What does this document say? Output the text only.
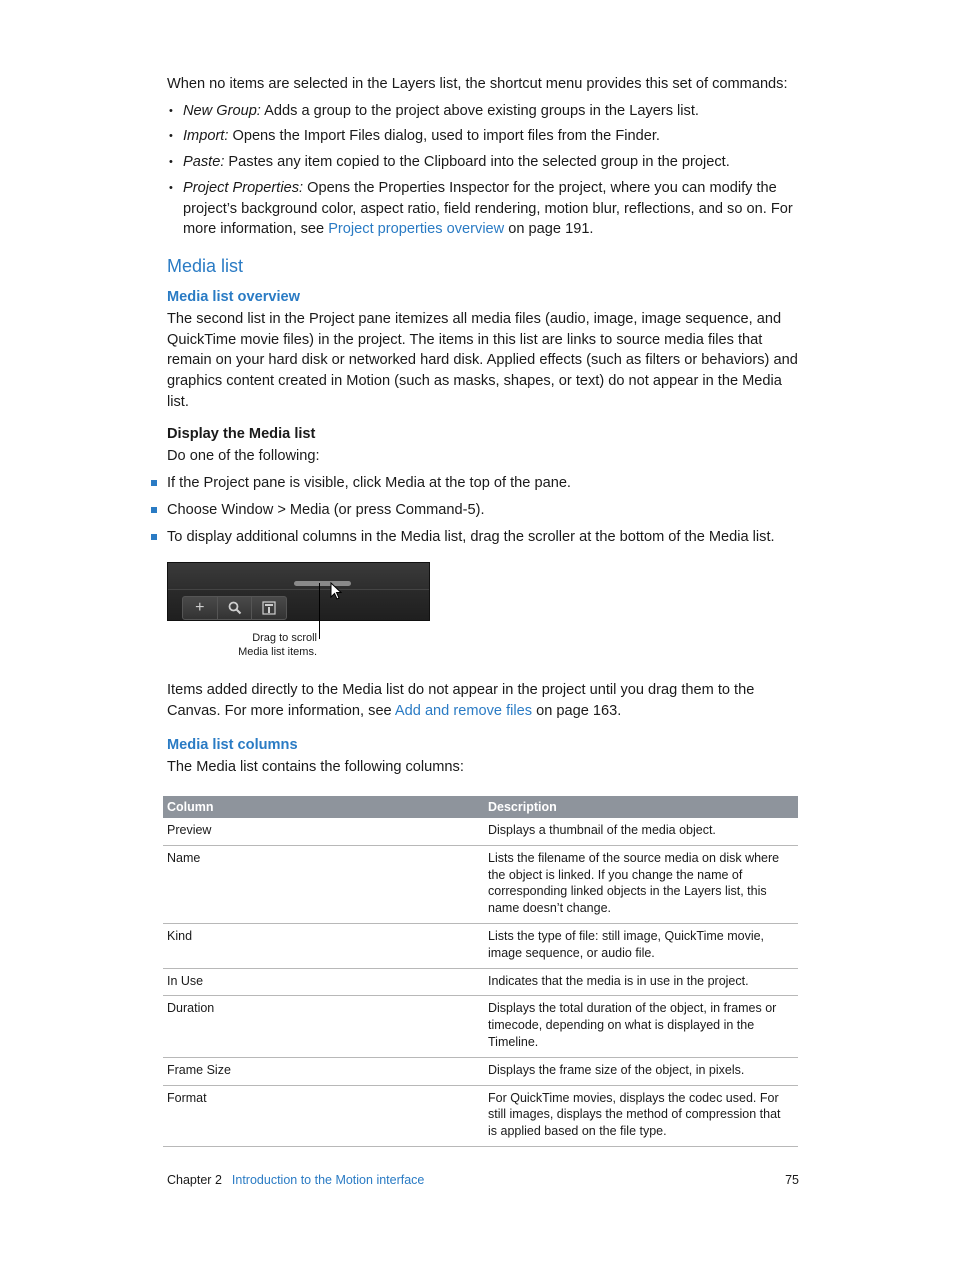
When no items are selected in the Layers list, the shortcut menu provides this set of commands:

• New Group: Adds a group to the project above existing groups in the Layers list.
• Import: Opens the Import Files dialog, used to import files from the Finder.
• Paste: Pastes any item copied to the Clipboard into the selected group in the project.
• Project Properties: Opens the Properties Inspector for the project, where you can modify the project’s background color, aspect ratio, field rendering, motion blur, reflections, and so on. For more information, see Project properties overview on page 191.
Media list
Media list overview

The second list in the Project pane itemizes all media files (audio, image, image sequence, and QuickTime movie files) in the project. The items in this list are links to source media files that remain on your hard disk or networked hard disk. Applied effects (such as filters or behaviors) and graphics content created in Motion (such as masks, shapes, or text) do not appear in the Media list.

Display the Media list

Do one of the following:

If the Project pane is visible, click Media at the top of the pane.
Choose Window > Media (or press Command-5).
To display additional columns in the Media list, drag the scroller at the bottom of the Media list.
+
Drag to scroll
Media list items.

Items added directly to the Media list do not appear in the project until you drag them to the Canvas. For more information, see Add and remove files on page 163.

Media list columns

The Media list contains the following columns:

Column	Description
Preview	Displays a thumbnail of the media object.
Name	Lists the filename of the source media on disk where the object is linked. If you change the name of corresponding linked objects in the Layers list, this name doesn’t change.
Kind	Lists the type of file: still image, QuickTime movie, image sequence, or audio file.
In Use	Indicates that the media is in use in the project.
Duration	Displays the total duration of the object, in frames or timecode, depending on what is displayed in the Timeline.
Frame Size	Displays the frame size of the object, in pixels.
Format	For QuickTime movies, displays the codec used. For still images, displays the method of compression that is applied based on the file type.
Chapter 2 Introduction to the Motion interface	75
